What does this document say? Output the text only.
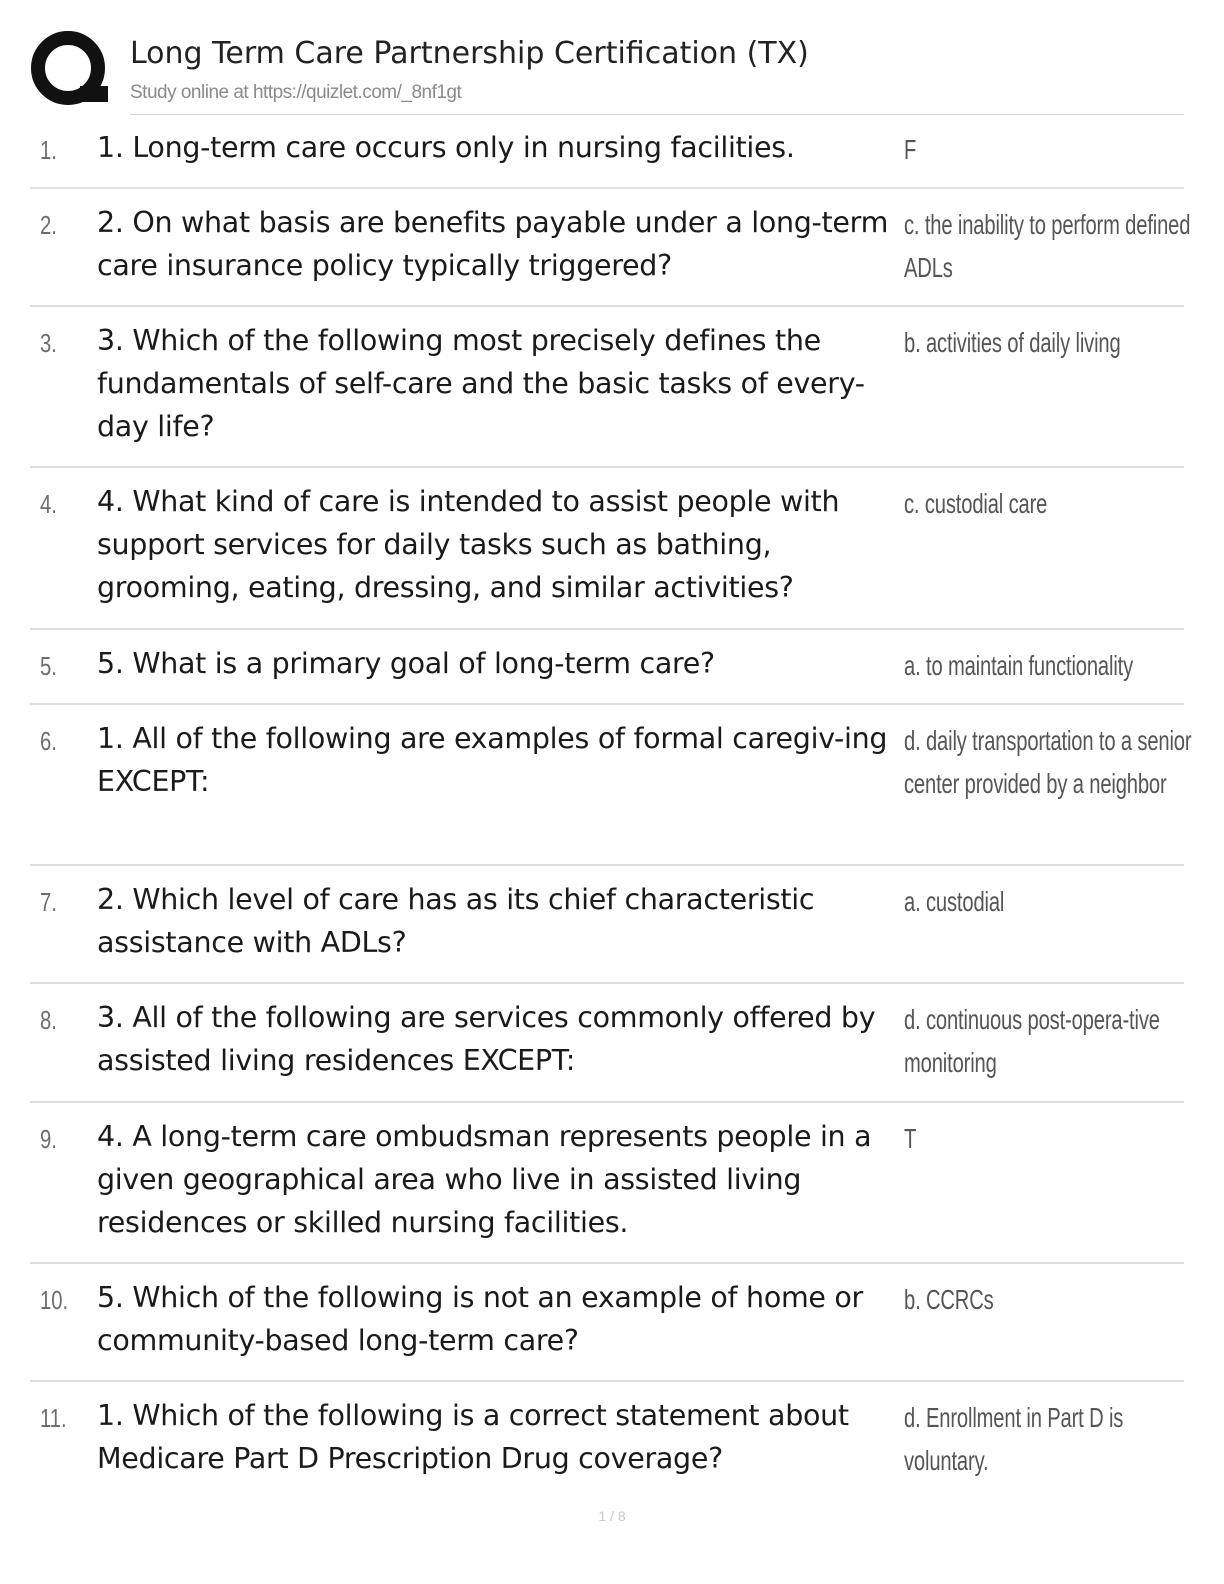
Long Term Care Partnership Certification (TX)
Study online at https://quizlet.com/_8nf1gt
1. 1. Long-term care occurs only in nursing facilities.	F
2. 2. On what basis are benefits payable under a long-term care insurance policy typically triggered?
c. the inability to perform defined ADLs
3. 3. Which of the following most precisely defines the fundamentals of self-care and the basic tasks of every-day life?
b. activities of daily living
4. 4. What kind of care is intended to assist people with support services for daily tasks such as bathing, grooming, eating, dressing, and similar activities?
c. custodial care
5. 5. What is a primary goal of long-term care?	a. to maintain functionality
6. 1. All of the following are examples of formal caregiv-ing EXCEPT:
d. daily transportation to a senior center provided by a neighbor
7. 2. Which level of care has as its chief characteristic assistance with ADLs?
a. custodial
8. 3. All of the following are services commonly offered by assisted living residences EXCEPT:
d. continuous post-opera-tive monitoring
9. 4. A long-term care ombudsman represents people in a given geographical area who live in assisted living residences or skilled nursing facilities.
T
10. 5. Which of the following is not an example of home or community-based long-term care?
b. CCRCs
11. 1. Which of the following is a correct statement about Medicare Part D Prescription Drug coverage?
d. Enrollment in Part D is voluntary.
1 / 8
